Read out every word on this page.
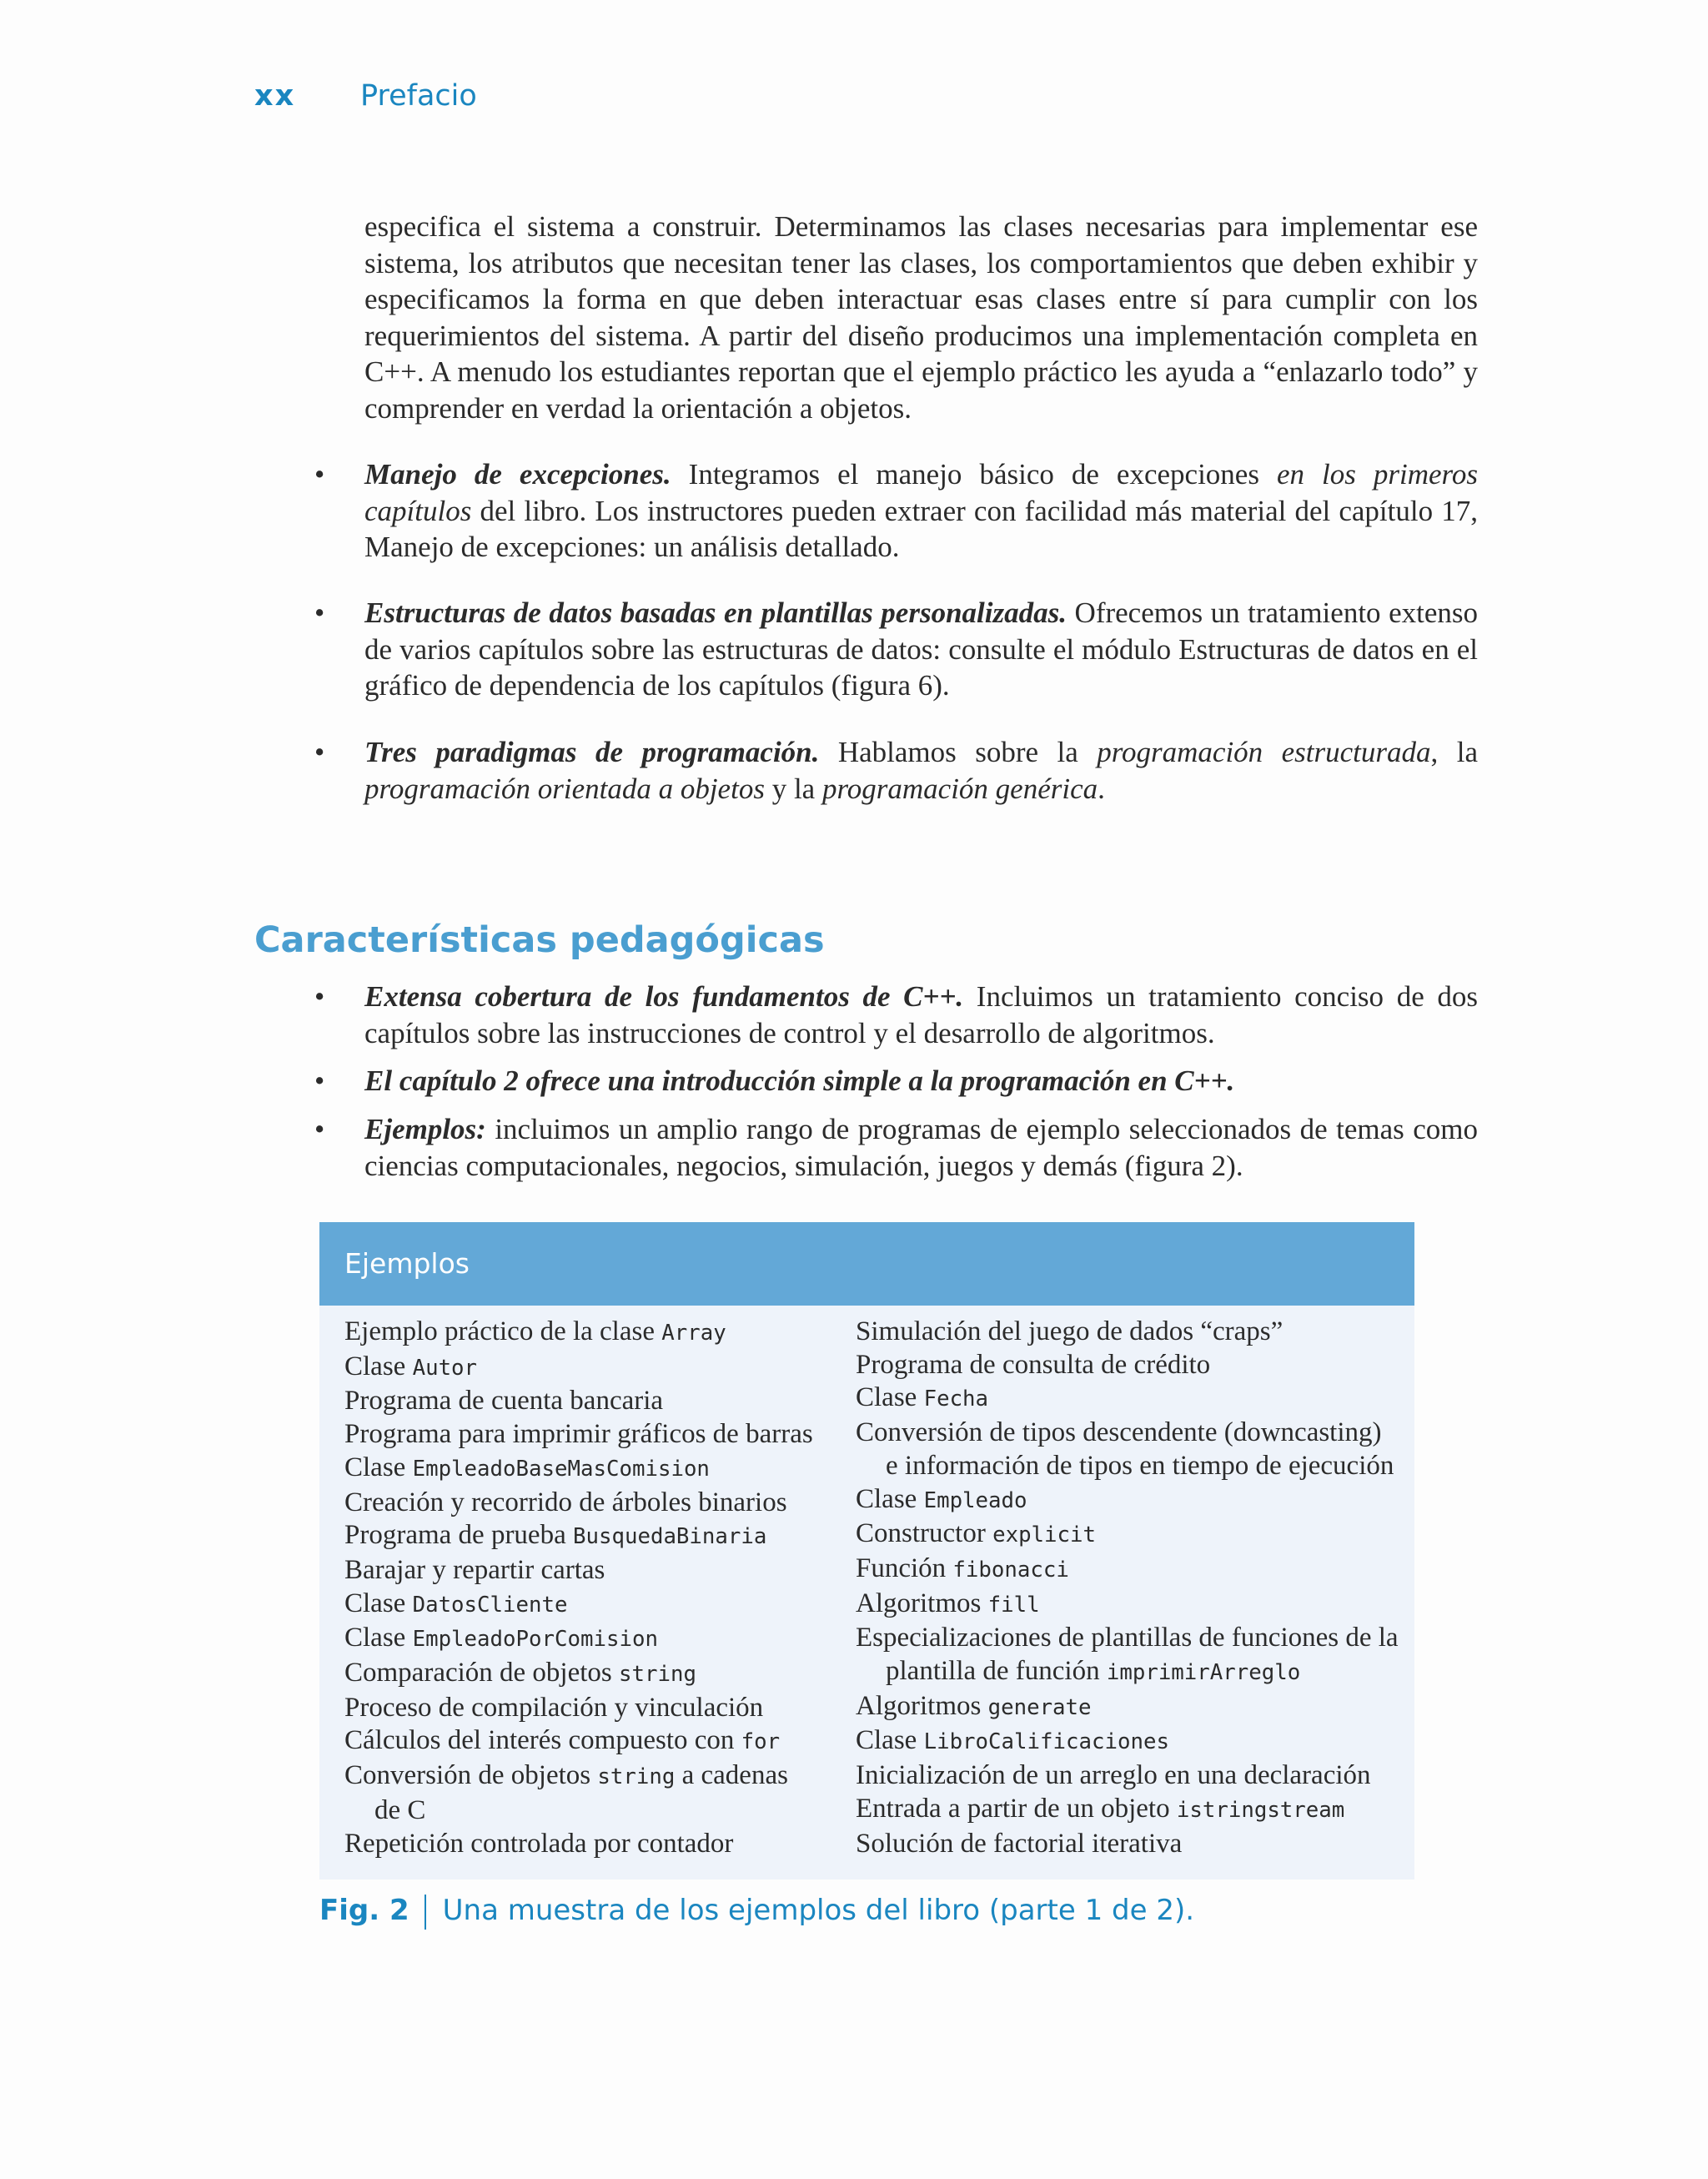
xx Prefacio
especifica el sistema a construir. Determinamos las clases necesarias para implementar ese sistema, los atributos que necesitan tener las clases, los comportamientos que deben exhibir y especificamos la forma en que deben interactuar esas clases entre sí para cumplir con los requerimientos del sistema. A partir del diseño producimos una implementación completa en C++. A menudo los estudiantes reportan que el ejemplo práctico les ayuda a “enlazarlo todo” y comprender en verdad la orientación a objetos.
• Manejo de excepciones. Integramos el manejo básico de excepciones en los primeros capítulos del libro. Los instructores pueden extraer con facilidad más material del capítulo 17, Manejo de excepciones: un análisis detallado.
• Estructuras de datos basadas en plantillas personalizadas. Ofrecemos un tratamiento extenso de varios capítulos sobre las estructuras de datos: consulte el módulo Estructuras de datos en el gráfico de dependencia de los capítulos (figura 6).
• Tres paradigmas de programación. Hablamos sobre la programación estructurada, la programación orientada a objetos y la programación genérica.
Características pedagógicas
• Extensa cobertura de los fundamentos de C++. Incluimos un tratamiento conciso de dos capítulos sobre las instrucciones de control y el desarrollo de algoritmos.
• El capítulo 2 ofrece una introducción simple a la programación en C++.
• Ejemplos: incluimos un amplio rango de programas de ejemplo seleccionados de temas como ciencias computacionales, negocios, simulación, juegos y demás (figura 2).
Ejemplos
Ejemplo práctico de la clase Array
Clase Autor
Programa de cuenta bancaria
Programa para imprimir gráficos de barras
Clase EmpleadoBaseMasComision
Creación y recorrido de árboles binarios
Programa de prueba BusquedaBinaria
Barajar y repartir cartas
Clase DatosCliente
Clase EmpleadoPorComision
Comparación de objetos string
Proceso de compilación y vinculación
Cálculos del interés compuesto con for
Conversión de objetos string a cadenas
de C
Repetición controlada por contador
Simulación del juego de dados “craps”
Programa de consulta de crédito
Clase Fecha
Conversión de tipos descendente (downcasting)
e información de tipos en tiempo de ejecución
Clase Empleado
Constructor explicit
Función fibonacci
Algoritmos fill
Especializaciones de plantillas de funciones de la
plantilla de función imprimirArreglo
Algoritmos generate
Clase LibroCalificaciones
Inicialización de un arreglo en una declaración
Entrada a partir de un objeto istringstream
Solución de factorial iterativa
Fig. 2 Una muestra de los ejemplos del libro (parte 1 de 2).
